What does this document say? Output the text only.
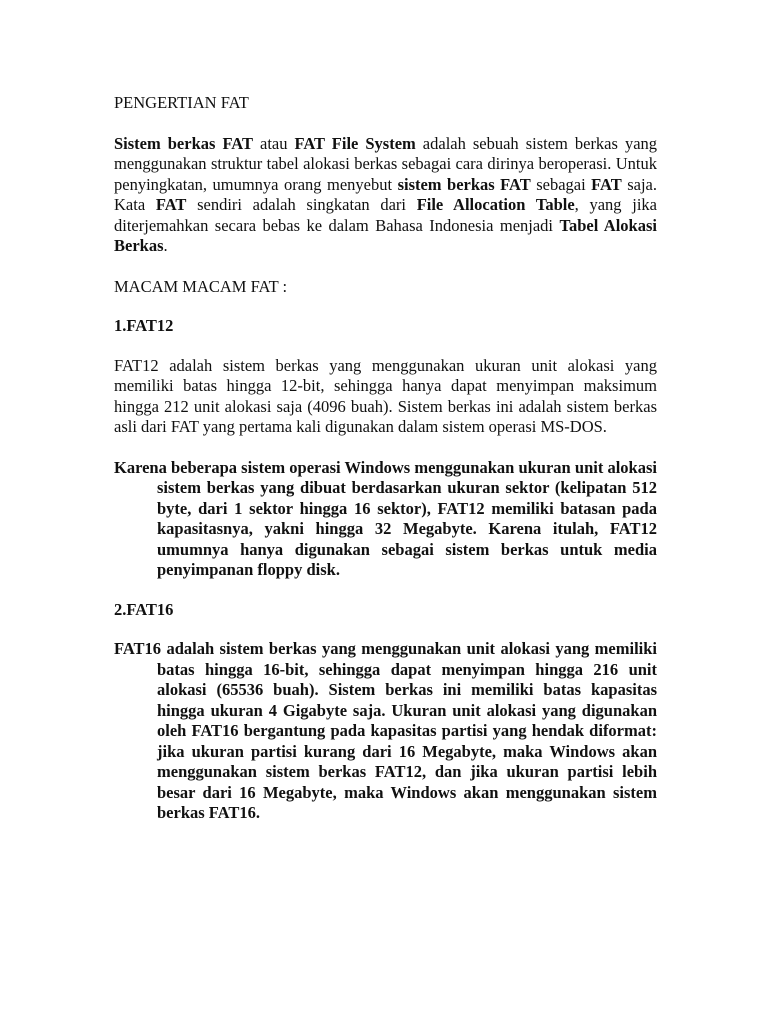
PENGERTIAN FAT

Sistem berkas FAT atau FAT File System adalah sebuah sistem berkas yang menggunakan struktur tabel alokasi berkas sebagai cara dirinya beroperasi. Untuk penyingkatan, umumnya orang menyebut sistem berkas FAT sebagai FAT saja. Kata FAT sendiri adalah singkatan dari File Allocation Table, yang jika diterjemahkan secara bebas ke dalam Bahasa Indonesia menjadi Tabel Alokasi Berkas.

MACAM MACAM FAT :
1.FAT12

FAT12 adalah sistem berkas yang menggunakan ukuran unit alokasi yang memiliki batas hingga 12-bit, sehingga hanya dapat menyimpan maksimum hingga 212 unit alokasi saja (4096 buah). Sistem berkas ini adalah sistem berkas asli dari FAT yang pertama kali digunakan dalam sistem operasi MS-DOS.

Karena beberapa sistem operasi Windows menggunakan ukuran unit alokasi sistem berkas yang dibuat berdasarkan ukuran sektor (kelipatan 512 byte, dari 1 sektor hingga 16 sektor), FAT12 memiliki batasan pada kapasitasnya, yakni hingga 32 Megabyte. Karena itulah, FAT12 umumnya hanya digunakan sebagai sistem berkas untuk media penyimpanan floppy disk.

2.FAT16

FAT16 adalah sistem berkas yang menggunakan unit alokasi yang memiliki batas hingga 16-bit, sehingga dapat menyimpan hingga 216 unit alokasi (65536 buah). Sistem berkas ini memiliki batas kapasitas hingga ukuran 4 Gigabyte saja. Ukuran unit alokasi yang digunakan oleh FAT16 bergantung pada kapasitas partisi yang hendak diformat: jika ukuran partisi kurang dari 16 Megabyte, maka Windows akan menggunakan sistem berkas FAT12, dan jika ukuran partisi lebih besar dari 16 Megabyte, maka Windows akan menggunakan sistem berkas FAT16.
